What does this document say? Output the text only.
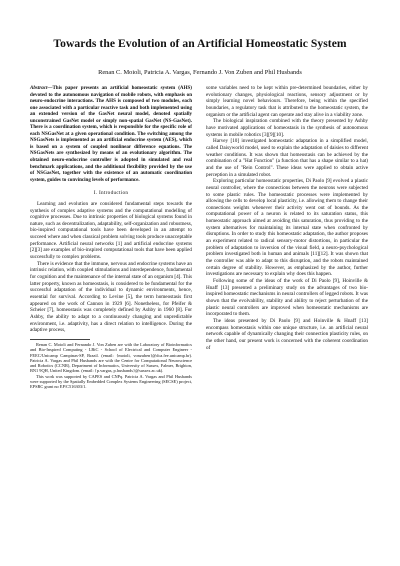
Towards the Evolution of an Artificial Homeostatic System
Renan C. Moioli, Patricia A. Vargas, Fernando J. Von Zuben and Phil Husbands

Abstract—This paper presents an artificial homeostatic system (AHS) devoted to the autonomous navigation of mobile robots, with emphasis on neuro-endocrine interactions. The AHS is composed of two modules, each one associated with a particular reactive task and both implemented using an extended version of the GasNet neural model, denoted spatially unconstrained GasNet model or simply non-spatial GasNet (NS-GasNet). There is a coordination system, which is responsible for the specific role of each NSGasNet at a given operational condition. The switching among the NSGasNets is implemented as an artificial endocrine system (AES), which is based on a system of coupled nonlinear difference equations. The NSGasNets are synthesized by means of an evolutionary algorithm. The obtained neuro-endocrine controller is adopted in simulated and real benchmark applications, and the additional flexibility provided by the use of NSGasNet, together with the existence of an automatic coordination system, guides to convincing levels of performance.

I. Introduction

Learning and evolution are considered fundamental steps towards the synthesis of complex adaptive systems and the computational modelling of cognitive processes. Due to intrinsic properties of biological systems found in nature, such as decentralization, adaptability, self-organization and robustness, bio-inspired computational tools have been developed in an attempt to succeed where and when classical problem solving tools produce unacceptable performance. Artificial neural networks [1] and artificial endocrine systems [2][3] are examples of bio-inspired computational tools that have been applied successfully to complex problems.

There is evidence that the immune, nervous and endocrine systems have an intrinsic relation, with coupled stimulations and interdependence, fundamental for cognition and the maintenance of the internal state of an organism [4]. This latter property, known as homeostasis, is considered to be fundamental for the successful adaptation of the individual to dynamic environments, hence, essential for survival. According to Levine [5], the term homeostasis first appeared on the work of Cannon in 1929 [6]. Nonetheless, for Pfeifer & Scheier [7], homeostasis was completely defined by Ashby in 1960 [8]. For Ashby, the ability to adapt to a continuously changing and unpredictable environment, i.e. adaptivity, has a direct relation to intelligence. During the adaptive process,

Renan C. Moioli and Fernando J. Von Zuben are with the Laboratory of Bioinformatics and Bio-Inspired Computing - LBiC - School of Electrical and Computer Engineer - FEEC/Unicamp Campinas-SP, Brazil. (email: {moioli, vonzuben}@dca.fee.unicamp.br). Patricia A. Vargas and Phil Husbands are with the Centre for Computational Neuroscience and Robotics (CCNR), Department of Informatics, University of Sussex, Falmer, Brighton, BN1 9QH, United Kingdom. (email: {p.vargas, p.husbands}@sussex.ac.uk).

This work was supported by CAPES and CNPq. Patricia A. Vargas and Phil Husbands were supported by the Spatially Embedded Complex Systems Engineering (SECSE) project, EPSRC grant no EP/C516303/1.

some variables need to be kept within pre-determined boundaries, either by evolutionary changes, physiological reactions, sensory adjustment or by simply learning novel behaviours. Therefore, being within the specified boundaries, a regulatory task that is attributed to the homeostatic system, the organism or the artificial agent can operate and stay alive in a viability zone.

The biological inspiration combined with the theory presented by Ashby have motivated applications of homeostasis in the synthesis of autonomous systems in mobile robotics [3][9][10].

Harvey [10] investigated homeostatic adaptation in a simplified model, called Daisyworld model, used to explain the adaptation of daisies to different weather conditions. It was shown that homeostasis can be achieved by the combination of a "Hat Function" (a function that has a shape similar to a hat) and the use of "Rein Control". These ideas were applied to obtain active perception in a simulated robot.

Exploring particular homeostatic properties, Di Paolo [9] evolved a plastic neural controller, where the connections between the neurons were subjected to some plastic rules. The homeostatic processes were implemented by allowing the cells to develop local plasticity, i.e. allowing them to change their connections weights whenever their activity went out of bounds. As the computational power of a neuron is related to its saturation status, this homeostatic approach aimed at avoiding this saturation, thus providing to the system alternatives for maintaining its internal state when confronted by disruptions. In order to study this homeostatic adaptation, the author proposes an experiment related to radical sensory-motor distortions, in particular the problem of adaptation to inversion of the visual field, a neuro-psychological problem investigated both in human and animals [11][12]. It was shown that the controller was able to adapt to this disruption, and the robots maintained certain degree of stability. However, as emphasized by the author, further investigations are necessary to explain why does this happen.

Following some of the ideas of the work of Di Paolo [9], Hoinville & Hnaff [13] presented a preliminary study on the advantages of two bio-inspired homeostatic mechanisms in neural controllers of legged robots. It was shown that the evolvability, stability and ability to reject perturbation of the plastic neural controllers are improved when homeostatic mechanisms are incorporated to them.

The ideas presented by Di Paolo [9] and Hoinville & Hnaff [13] encompass homeostasis within one unique structure, i.e. an artificial neural network capable of dynamically changing their connection plasticity rules, on the other hand, our present work is concerned with the coherent coordination of
